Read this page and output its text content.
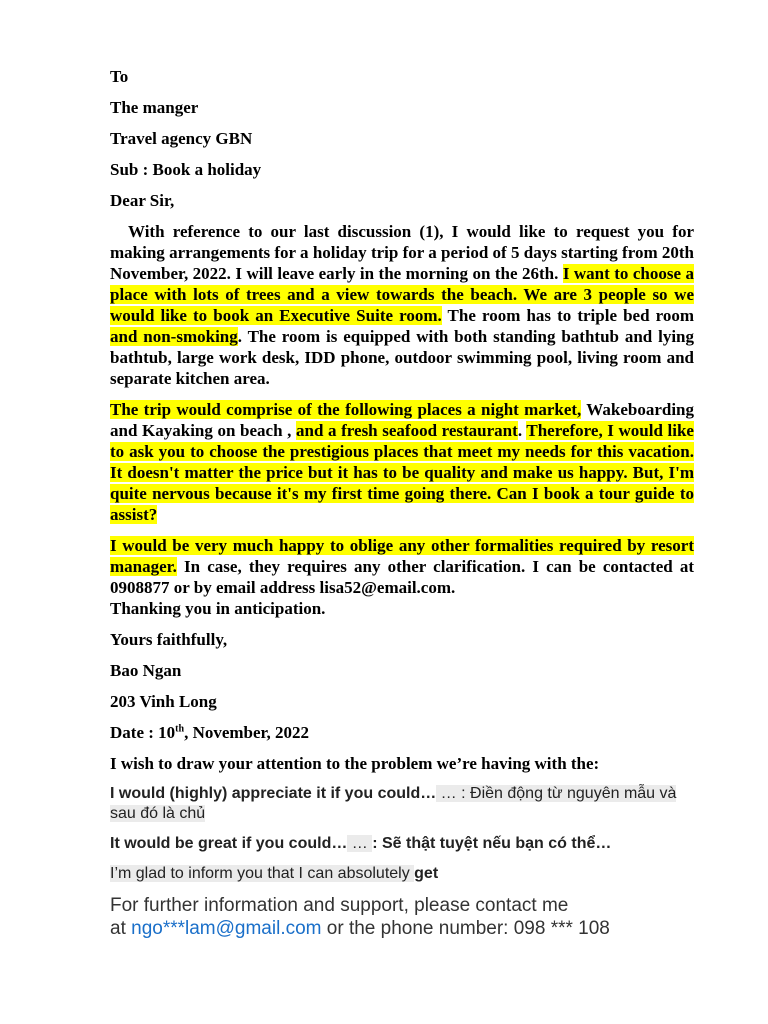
To
The manger
Travel agency GBN
Sub : Book a holiday
Dear Sir,

With reference to our last discussion (1), I would like to request you for making arrangements for a holiday trip for a period of 5 days starting from 20th November, 2022. I will leave early in the morning on the 26th. I want to choose a place with lots of trees and a view towards the beach. We are 3 people so we would like to book an Executive Suite room. The room has to triple bed room and non-smoking. The room is equipped with both standing bathtub and lying bathtub, large work desk, IDD phone, outdoor swimming pool, living room and separate kitchen area.

The trip would comprise of the following places a night market, Wakeboarding and Kayaking on beach , and a fresh seafood restaurant. Therefore, I would like to ask you to choose the prestigious places that meet my needs for this vacation. It doesn't matter the price but it has to be quality and make us happy. But, I'm quite nervous because it's my first time going there. Can I book a tour guide to assist?

I would be very much happy to oblige any other formalities required by resort manager. In case, they requires any other clarification. I can be contacted at 0908877 or by email address lisa52@email.com.
Thanking you in anticipation.

Yours faithfully,
Bao Ngan
203 Vinh Long
Date : 10th, November, 2022
I wish to draw your attention to the problem we’re having with the:
I would (highly) appreciate it if you could… … : Điền động từ nguyên mẫu và sau đó là chủ
It would be great if you could… … : Sẽ thật tuyệt nếu bạn có thể…
I’m glad to inform you that I can absolutely get
For further information and support, please contact me
at ngo***lam@gmail.com or the phone number: 098 *** 108
